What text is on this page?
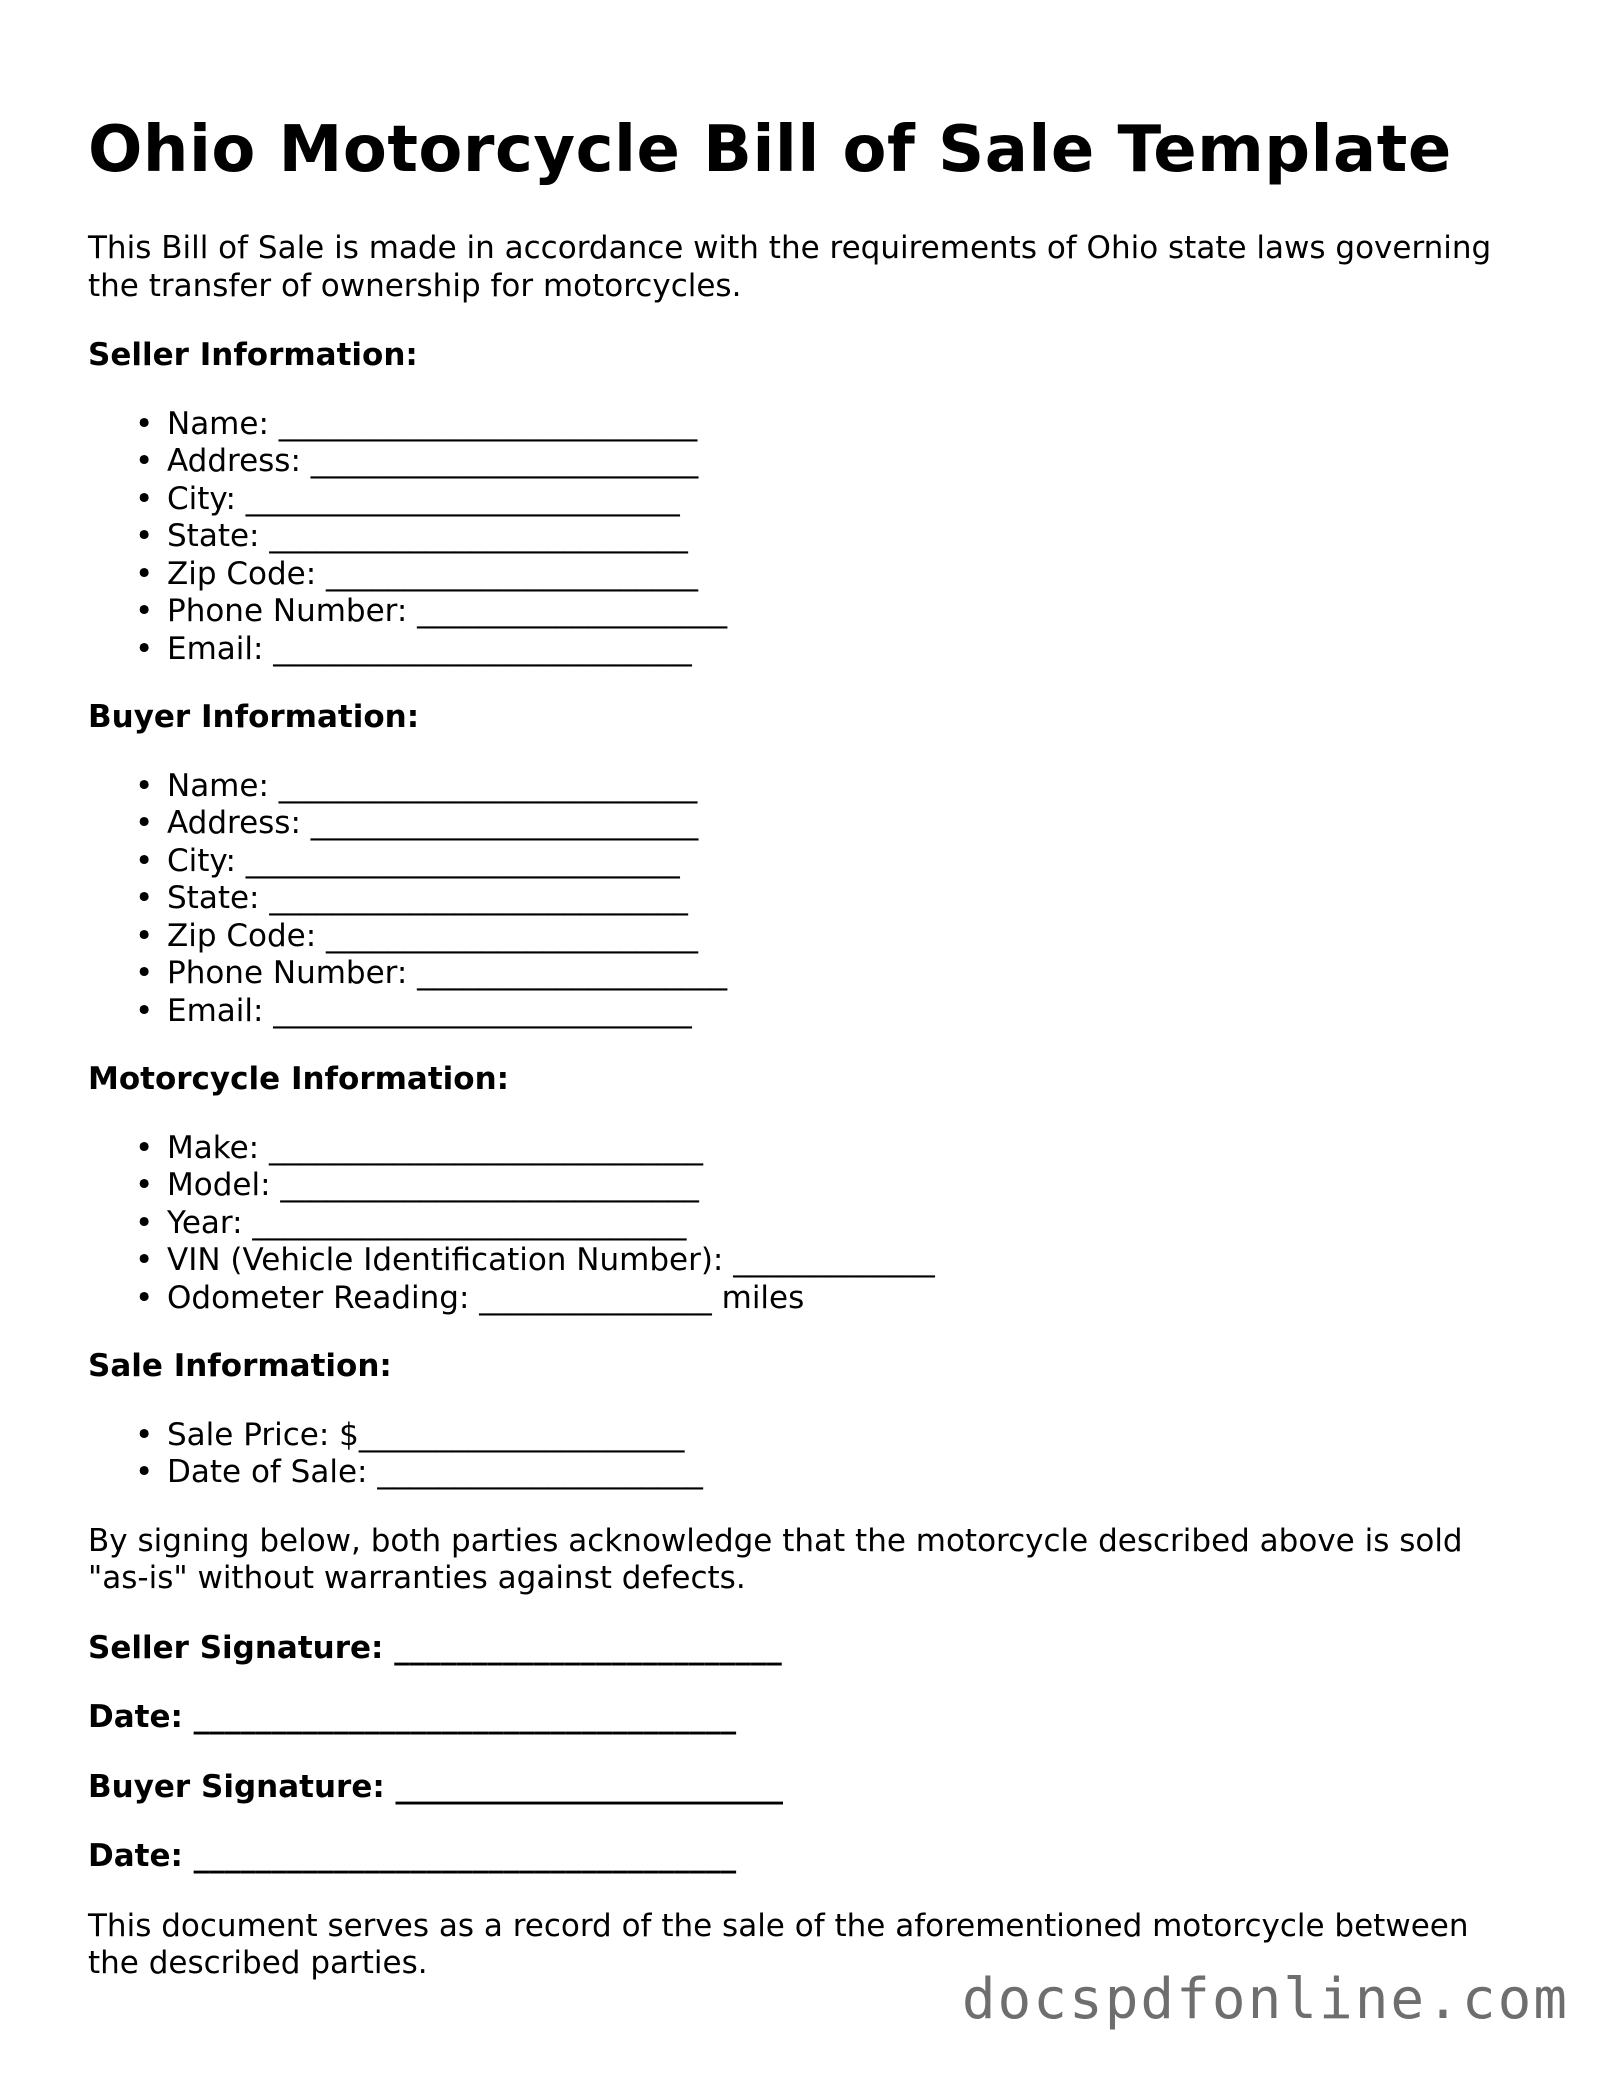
Ohio Motorcycle Bill of Sale Template

This Bill of Sale is made in accordance with the requirements of Ohio state laws governing the transfer of ownership for motorcycles.

Seller Information:
• Name: ___________________________
• Address: _________________________
• City: ____________________________
• State: ___________________________
• Zip Code: ________________________
• Phone Number: ____________________
• Email: ___________________________
Buyer Information:
• Name: ___________________________
• Address: _________________________
• City: ____________________________
• State: ___________________________
• Zip Code: ________________________
• Phone Number: ____________________
• Email: ___________________________
Motorcycle Information:
• Make: ____________________________
• Model: ___________________________
• Year: ____________________________
• VIN (Vehicle Identification Number): _____________
• Odometer Reading: _______________ miles
Sale Information:
• Sale Price: $_____________________
• Date of Sale: _____________________

By signing below, both parties acknowledge that the motorcycle described above is sold "as-is" without warranties against defects.

Seller Signature: _________________________
Date: ___________________________________
Buyer Signature: _________________________
Date: ___________________________________

This document serves as a record of the sale of the aforementioned motorcycle between the described parties.

docspdfonline.com
